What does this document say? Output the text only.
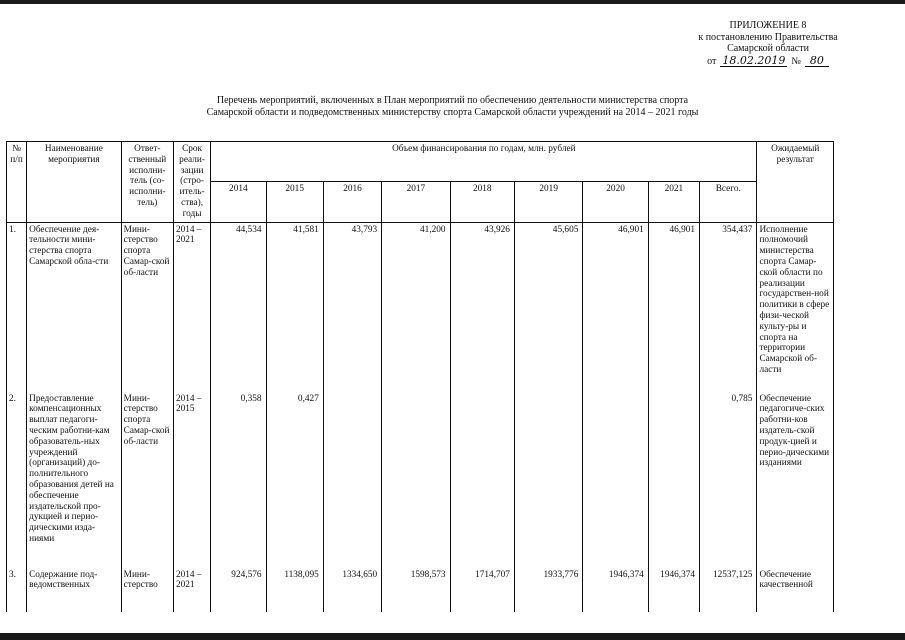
ПРИЛОЖЕНИЕ 8
к постановлению Правительства
Самарской области
от 18.02.2019 № 80
Перечень мероприятий, включенных в План мероприятий по обеспечению деятельности министерства спорта
Самарской области и подведомственных министерству спорта Самарской области учреждений на 2014 – 2021 годы
№ п/п	Наименование мероприятия	Ответ-ственный исполни-тель (со-исполни-тель)	Срок реали-зации (стро-итель-ства), годы	Объем финансирования по годам, млн. рублей									Ожидаемый результат
				2014	2015	2016	2017	2018	2019	2020	2021	Всего.	
1.	Обеспечение дея-тельности мини-стерства спорта Самарской обла-сти	Мини-стерство спорта Самар-ской об-ласти	2014 – 2021	44,534	41,581	43,793	41,200	43,926	45,605	46,901	46,901	354,437	Исполнение полномочий министерства спорта Самар-ской области по реализации государствен-ной политики в сфере физи-ческой культу-ры и спорта на территории Самарской об-ласти
2.	Предоставление компенсационных выплат педагоги-ческим работни-кам образователь-ных учреждений (организаций) до-полнительного образования детей на обеспечение издательской про-дукцией и перио-дическими изда-ниями	Мини-стерство спорта Самар-ской об-ласти	2014 – 2015	0,358	0,427							0,785	Обеспечение педагогиче-ских работни-ков издатель-ской продук-цией и перио-дическими изданиями
3.	Содержание под-ведомственных	Мини-стерство	2014 – 2021	924,576	1138,095	1334,650	1598,573	1714,707	1933,776	1946,374	1946,374	12537,125	Обеспечение качественной
